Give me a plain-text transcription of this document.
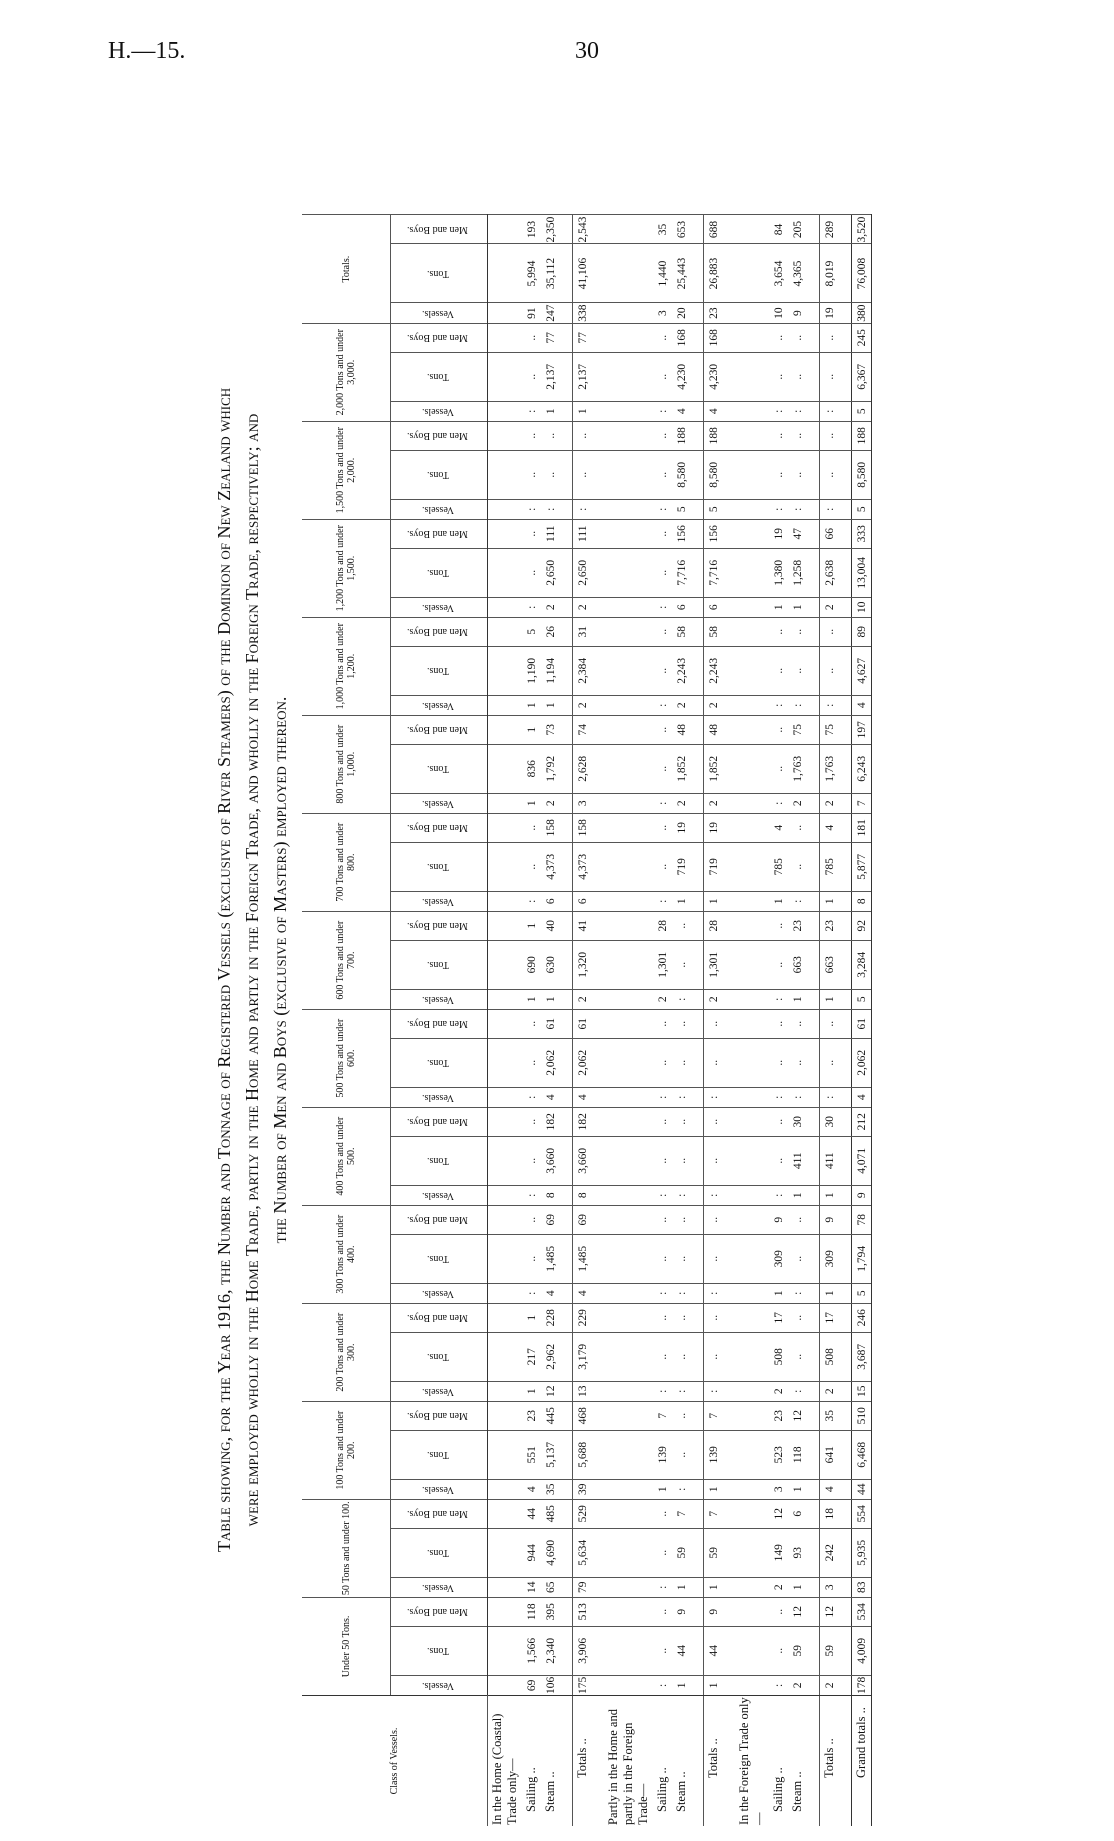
H.—15.	30
Table showing, for the Year 1916, the Number and Tonnage of Registered Vessels (exclusive of River Steamers) of the Dominion of New Zealand which were employed wholly in the Home Trade, partly in the Home and partly in the Foreign Trade, and wholly in the Foreign Trade, respectively; and the Number of Men and Boys (exclusive of Masters) employed thereon.
Class of Vessels.	Under 50 Tons.			50 Tons and under 100.			100 Tons and under 200.			200 Tons and under 300.			300 Tons and under 400.			400 Tons and under 500.			500 Tons and under 600.			600 Tons and under 700.			700 Tons and under 800.			800 Tons and under 1,000.			1,000 Tons and under 1,200.			1,200 Tons and under 1,500.			1,500 Tons and under 2,000.			2,000 Tons and under 3,000.			Totals.		
	Vessels.	Tons.	Men and Boys.	Vessels.	Tons.	Men and Boys.	Vessels.	Tons.	Men and Boys.	Vessels.	Tons.	Men and Boys.	Vessels.	Tons.	Men and Boys.	Vessels.	Tons.	Men and Boys.	Vessels.	Tons.	Men and Boys.	Vessels.	Tons.	Men and Boys.	Vessels.	Tons.	Men and Boys.	Vessels.	Tons.	Men and Boys.	Vessels.	Tons.	Men and Boys.	Vessels.	Tons.	Men and Boys.	Vessels.	Tons.	Men and Boys.	Vessels.	Tons.	Men and Boys.	Vessels.	Tons.	Men and Boys.
In the Home (Coastal) Trade only—																																													
Sailing ..	69	1,566	118	14	944	44	4	551	23	1	217	1	:	..	..	:	..	..	:	..	..	1	690	1	:	..	..	1	836	1	1	1,190	5	:	..	..	:	..	..	:	..	..	91	5,994	193
Steam ..	106	2,340	395	65	4,690	485	35	5,137	445	12	2,962	228	4	1,485	69	8	3,660	182	4	2,062	61	1	630	40	6	4,373	158	2	1,792	73	1	1,194	26	2	2,650	111	:	..	..	1	2,137	77	247	35,112	2,350

Totals ..	175	3,906	513	79	5,634	529	39	5,688	468	13	3,179	229	4	1,485	69	8	3,660	182	4	2,062	61	2	1,320	41	6	4,373	158	3	2,628	74	2	2,384	31	2	2,650	111	:	..	..	1	2,137	77	338	41,106	2,543

Partly in the Home and partly in the Foreign Trade—																																													
Sailing ..	:	..	..	:	..	..	1	139	7	:	..	..	:	..	..	:	..	..	:	..	..	2	1,301	28	:	..	..	:	..	..	:	..	..	:	..	..	:	..	..	:	..	..	3	1,440	35
Steam ..	1	44	9	1	59	7	:	..	..	:	..	..	:	..	..	:	..	..	:	..	..	:	..	..	1	719	19	2	1,852	48	2	2,243	58	6	7,716	156	5	8,580	188	4	4,230	168	20	25,443	653

Totals ..	1	44	9	1	59	7	1	139	7	:	..	..	:	..	..	:	..	..	:	..	..	2	1,301	28	1	719	19	2	1,852	48	2	2,243	58	6	7,716	156	5	8,580	188	4	4,230	168	23	26,883	688

In the Foreign Trade only—																																													
Sailing ..	:	..	..	2	149	12	3	523	23	2	508	17	1	309	9	:	..	..	:	..	..	:	..	..	1	785	4	:	..	..	:	..	..	1	1,380	19	:	..	..	:	..	..	10	3,654	84
Steam ..	2	59	12	1	93	6	1	118	12	:	..	..	:	..	..	1	411	30	:	..	..	1	663	23	:	..	..	2	1,763	75	:	..	..	1	1,258	47	:	..	..	:	..	..	9	4,365	205

Totals ..	2	59	12	3	242	18	4	641	35	2	508	17	1	309	9	1	411	30	:	..	..	1	663	23	1	785	4	2	1,763	75	:	..	..	2	2,638	66	:	..	..	:	..	..	19	8,019	289

Grand totals ..	178	4,009	534	83	5,935	554	44	6,468	510	15	3,687	246	5	1,794	78	9	4,071	212	4	2,062	61	5	3,284	92	8	5,877	181	7	6,243	197	4	4,627	89	10	13,004	333	5	8,580	188	5	6,367	245	380	76,008	3,520
